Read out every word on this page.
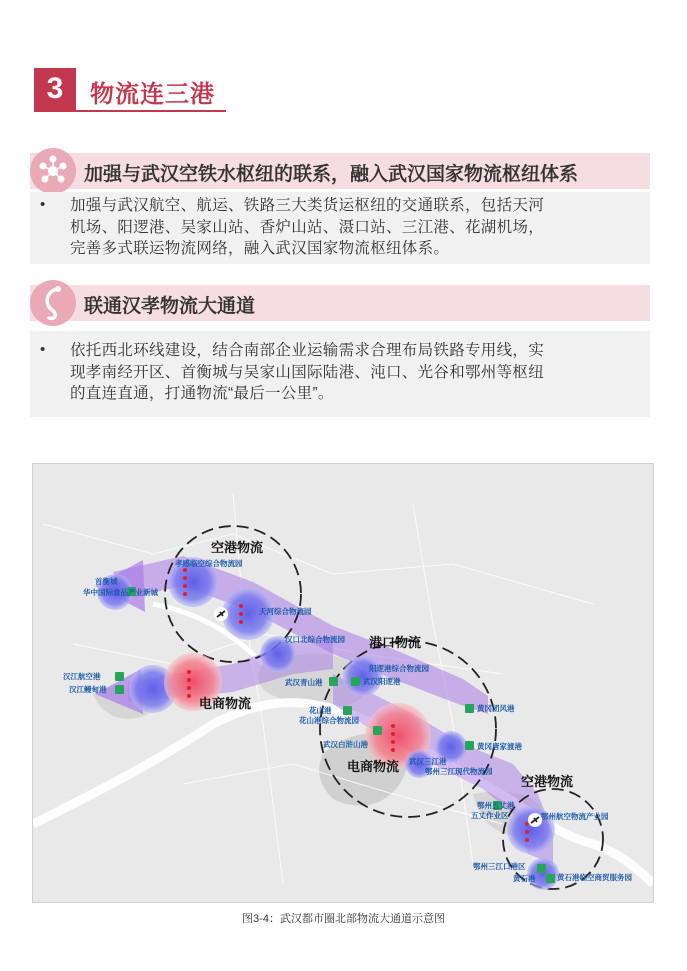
3	物流连三港
加强与武汉空铁水枢纽的联系，融入武汉国家物流枢纽体系
• 加强与武汉航空、航运、铁路三大类货运枢纽的交通联系，包括天河
机场、阳逻港、吴家山站、香炉山站、滠口站、三江港、花湖机场，
完善多式联运物流网络，融入武汉国家物流枢纽体系。
联通汉孝物流大通道
• 依托西北环线建设，结合南部企业运输需求合理布局铁路专用线，实
现孝南经开区、首衡城与吴家山国际陆港、沌口、光谷和鄂州等枢纽
的直连直通，打通物流“最后一公里”。
空港物流
港口物流
电商物流
电商物流
空港物流
首衡城
华中国际食品产业新城
孝感临空综合物流园
汉江航空港
汉江鳗甸港
天河综合物流园
汉口北综合物流园
阳逻港综合物流园
武汉阳逻港
武汉青山港
花山港
花山港综合物流园
武汉白浒山港
武汉三江港
鄂州三江现代物流园
黄冈团风港
黄冈唐家渡港
鄂州航空物流产业园
鄂州五丈港
五丈作业区
鄂州三江口港区
黄石港	黄石港临空商贸服务园
图3-4：武汉都市圈北部物流大通道示意图
